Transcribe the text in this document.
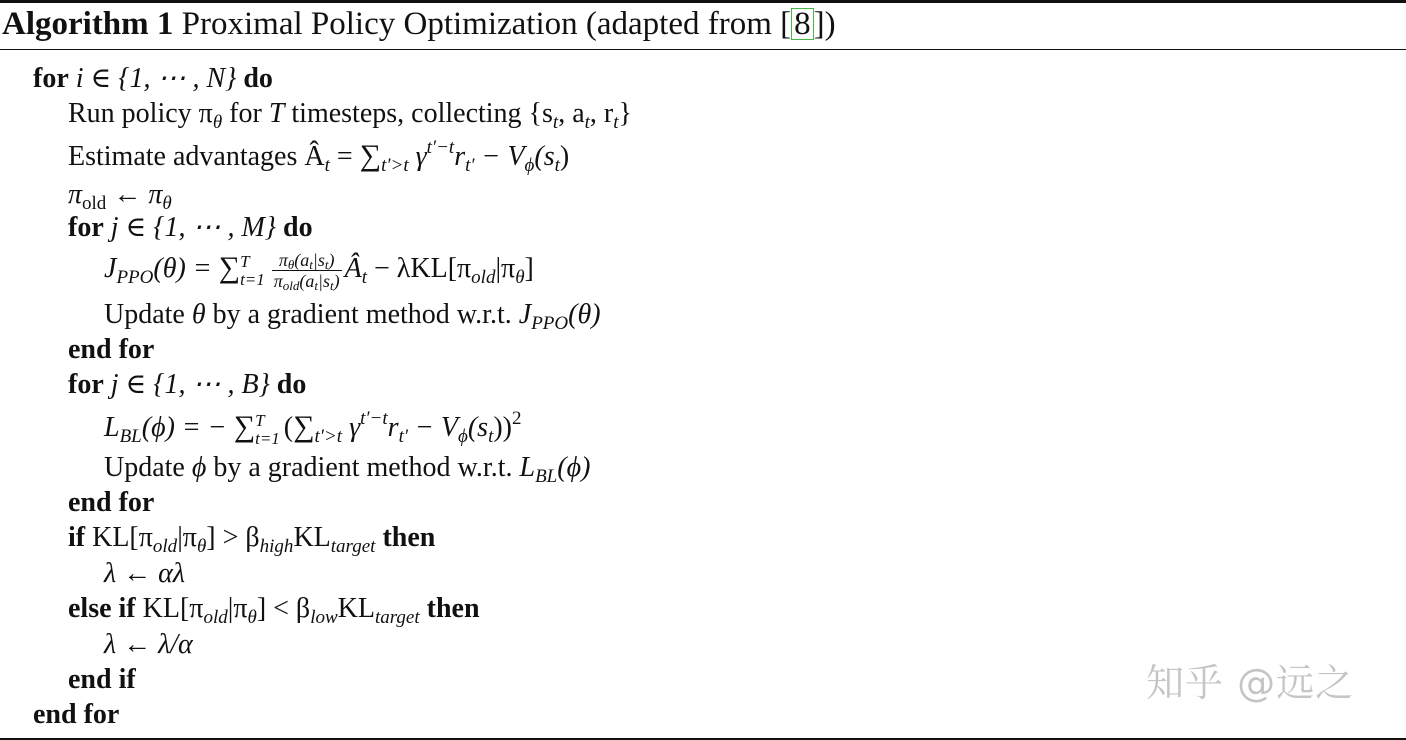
Algorithm 1 Proximal Policy Optimization (adapted from [8])
for i ∈ {1, ⋯ , N} do
Run policy $\pi_\theta$ for T timesteps, collecting {$s_t$, $a_t$, $r_t$}
Estimate advantages $Â_t = \sum_{t'>t}$ $\gamma^{t'-t}r_{t'} - V_\phi(s_t)$
$\pi_{old}$ ← $\pi_\theta$
for j ∈ {1, ⋯ , M} do
$J_{PPO}(\theta)$ = ∑ T
$t=1 \frac{\pi_\theta(a_t|s_t)}{\pi_{old}(a_t|s_t)}$ $Â_t - \lambda KL[\pi_{old}|\pi_\theta]$
Update θ by a gradient method w.r.t. $J_{PPO}(\theta)$
end for
for j ∈ {1, ⋯ , B} do
$L_{BL}(\phi)$ = − ∑ T
t=1 ($\sum_{t'>t}$ $\gamma^{t'-t}r_{t'} - V_\phi(s_t))^2$
Update ϕ by a gradient method w.r.t. $L_{BL}(\phi)$
end for
if $KL[\pi_{old}|\pi_\theta] > \beta_{high}KL_{target}$ then
λ ← αλ
else if $KL[\pi_{old}|\pi_\theta] < \beta_{low}KL_{target}$ then
λ ← λ/α
end if
end for
知乎 @远之
